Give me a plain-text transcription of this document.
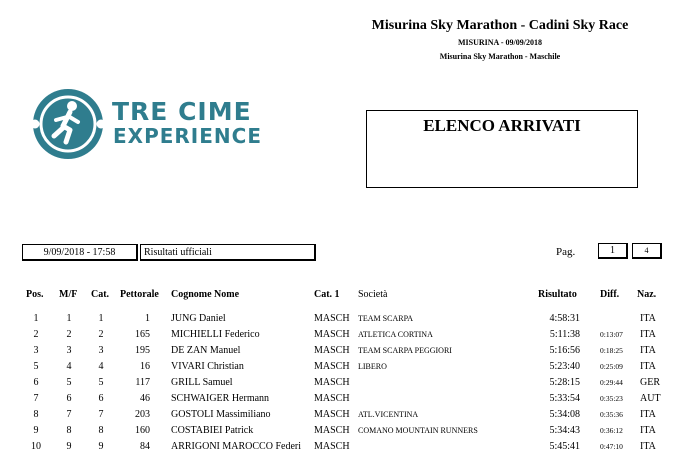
Misurina Sky Marathon - Cadini Sky Race
MISURINA - 09/09/2018
Misurina Sky Marathon - Maschile
TRE CIME
EXPERIENCE	ELENCO ARRIVATI
9/09/2018 - 17:58	Risultati ufficiali	Pag.	1	4
Pos. M/F Cat. Pettorale Cognome Nome	Cat. 1 Società	Risultato Diff. Naz.
1	1	1	1 JUNG Daniel	MASCH TEAM SCARPA	4:58:31	ITA
2	2	2	165 MICHIELLI Federico	MASCH ATLETICA CORTINA	5:11:38	0:13:07 ITA
3	3	3	195 DE ZAN Manuel	MASCH TEAM SCARPA PEGGIORI	5:16:56	0:18:25 ITA
5	4	4	16 VIVARI Christian	MASCH LIBERO	5:23:40	0:25:09 ITA
6	5	5	117 GRILL Samuel	MASCH	5:28:15	0:29:44 GER
7	6	6	46 SCHWAIGER Hermann	MASCH	5:33:54	0:35:23 AUT
8	7	7	203 GOSTOLI Massimiliano	MASCH ATL.VICENTINA	5:34:08	0:35:36 ITA
9	8	8	160 COSTABIEI Patrick	MASCH COMANO MOUNTAIN RUNNERS	5:34:43	0:36:12 ITA
10	9	9	84 ARRIGONI MAROCCO Federi MASCH	5:45:41	0:47:10 ITA
